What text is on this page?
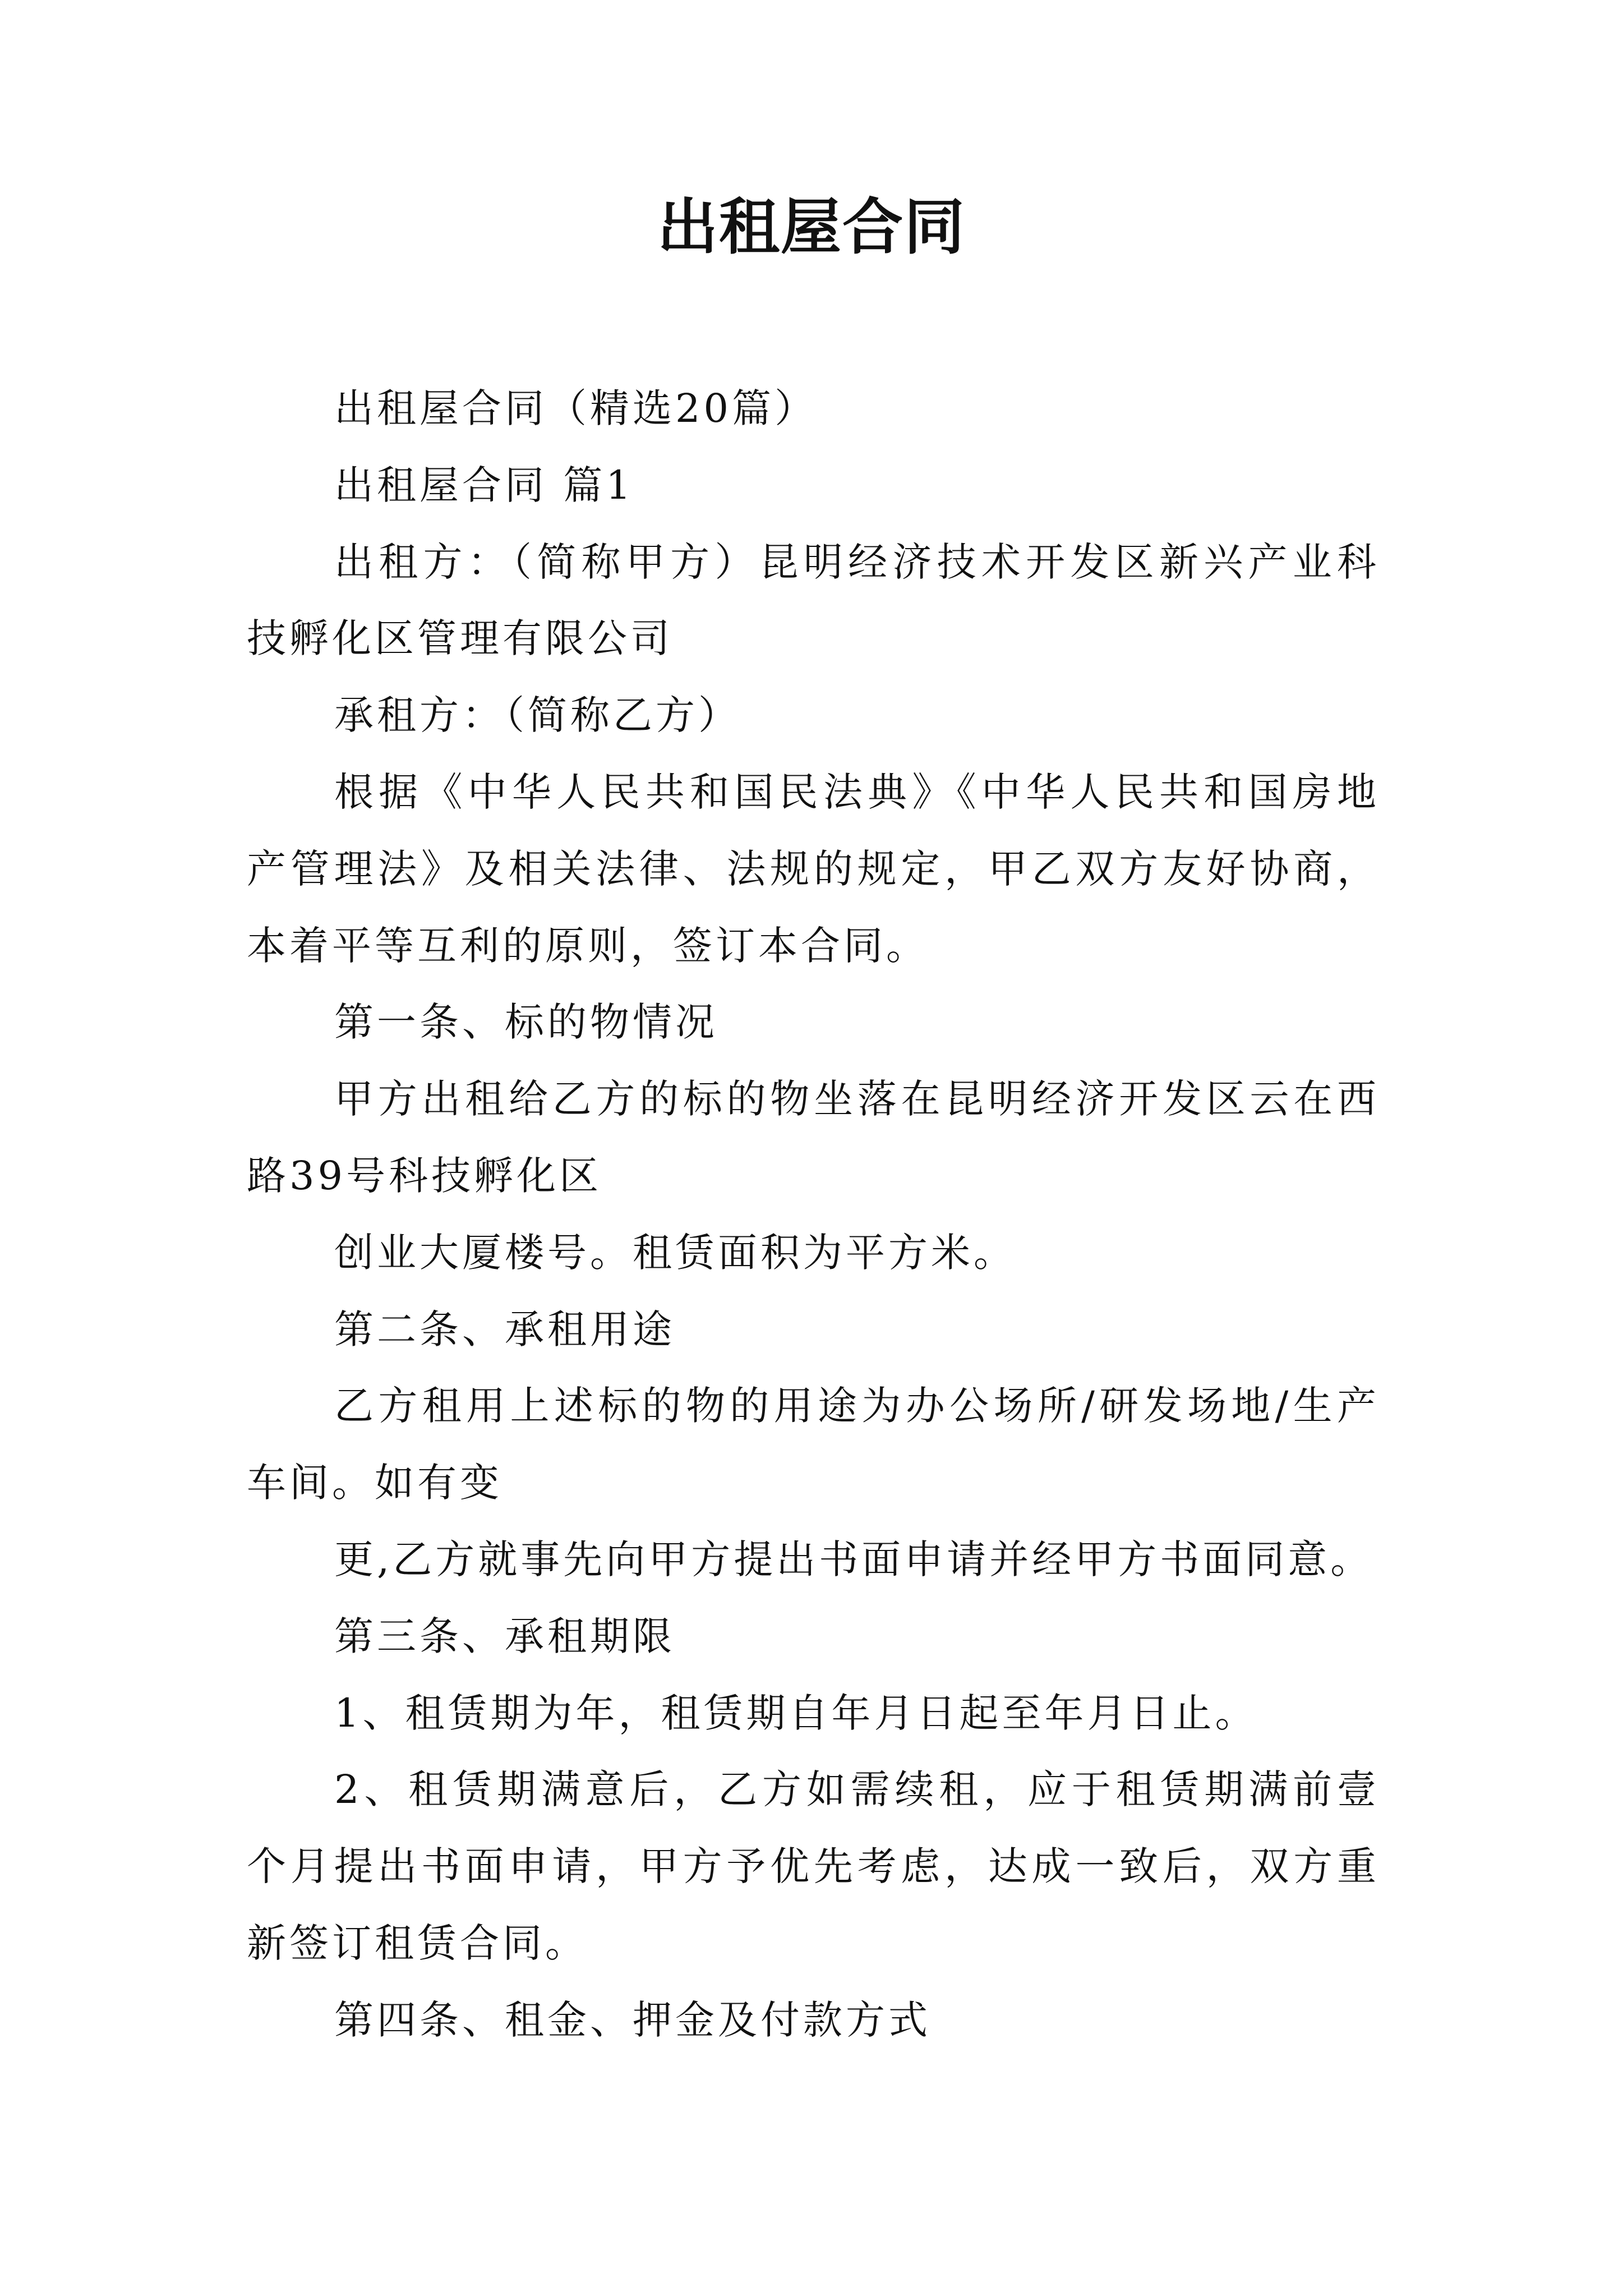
出租屋合同

出租屋合同（精选20篇）

出租屋合同 篇1

出租方：（简称甲方）昆明经济技术开发区新兴产业科技孵化区管理有限公司

承租方：（简称乙方）

根据《中华人民共和国民法典》《中华人民共和国房地产管理法》及相关法律、法规的规定，甲乙双方友好协商，本着平等互利的原则，签订本合同。

第一条、标的物情况

甲方出租给乙方的标的物坐落在昆明经济开发区云在西路39号科技孵化区

创业大厦楼号。租赁面积为平方米。

第二条、承租用途

乙方租用上述标的物的用途为办公场所/研发场地/生产车间。如有变

更,乙方就事先向甲方提出书面申请并经甲方书面同意。

第三条、承租期限

1、租赁期为年，租赁期自年月日起至年月日止。

2、租赁期满意后，乙方如需续租，应于租赁期满前壹个月提出书面申请，甲方予优先考虑，达成一致后，双方重新签订租赁合同。

第四条、租金、押金及付款方式
